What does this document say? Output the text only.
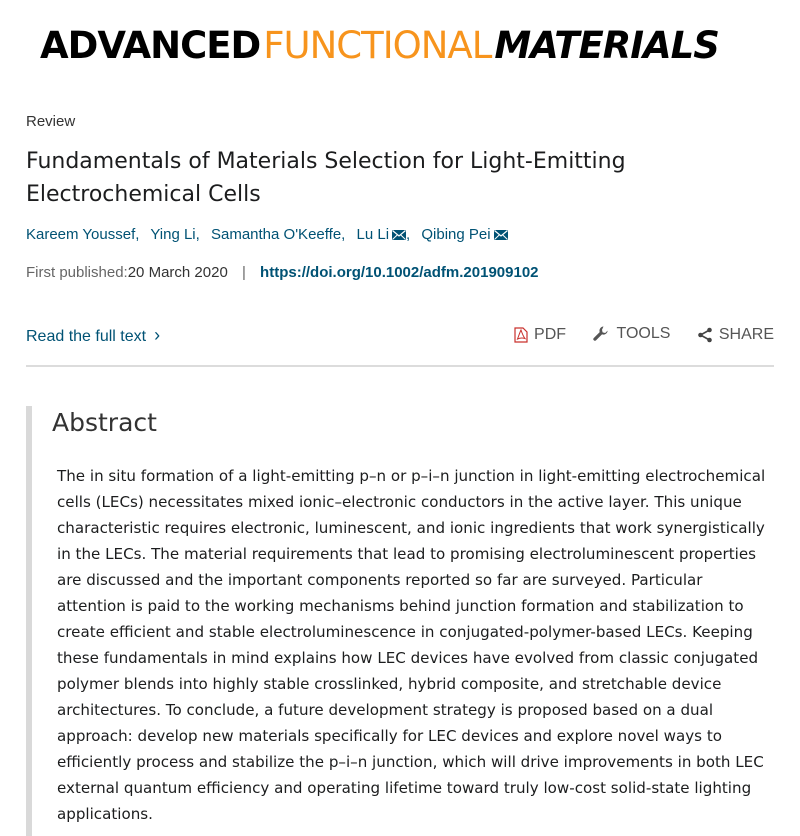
ADVANCEDFUNCTIONALMATERIALS
Review
Fundamentals of Materials Selection for Light-Emitting Electrochemical Cells
Kareem Youssef, Ying Li, Samantha O'Keeffe, Lu Li , Qibing Pei
First published:20 March 2020 | https://doi.org/10.1002/adfm.201909102
Read the full text ›	PDF
	TOOLS
	SHARE
Abstract

The in situ formation of a light-emitting p–n or p–i–n junction in light-emitting electrochemical cells (LECs) necessitates mixed ionic–electronic conductors in the active layer. This unique characteristic requires electronic, luminescent, and ionic ingredients that work synergistically in the LECs. The material requirements that lead to promising electroluminescent properties are discussed and the important components reported so far are surveyed. Particular attention is paid to the working mechanisms behind junction formation and stabilization to create efficient and stable electroluminescence in conjugated-polymer-based LECs. Keeping these fundamentals in mind explains how LEC devices have evolved from classic conjugated polymer blends into highly stable crosslinked, hybrid composite, and stretchable device architectures. To conclude, a future development strategy is proposed based on a dual approach: develop new materials specifically for LEC devices and explore novel ways to efficiently process and stabilize the p–i–n junction, which will drive improvements in both LEC external quantum efficiency and operating lifetime toward truly low-cost solid-state lighting applications.
